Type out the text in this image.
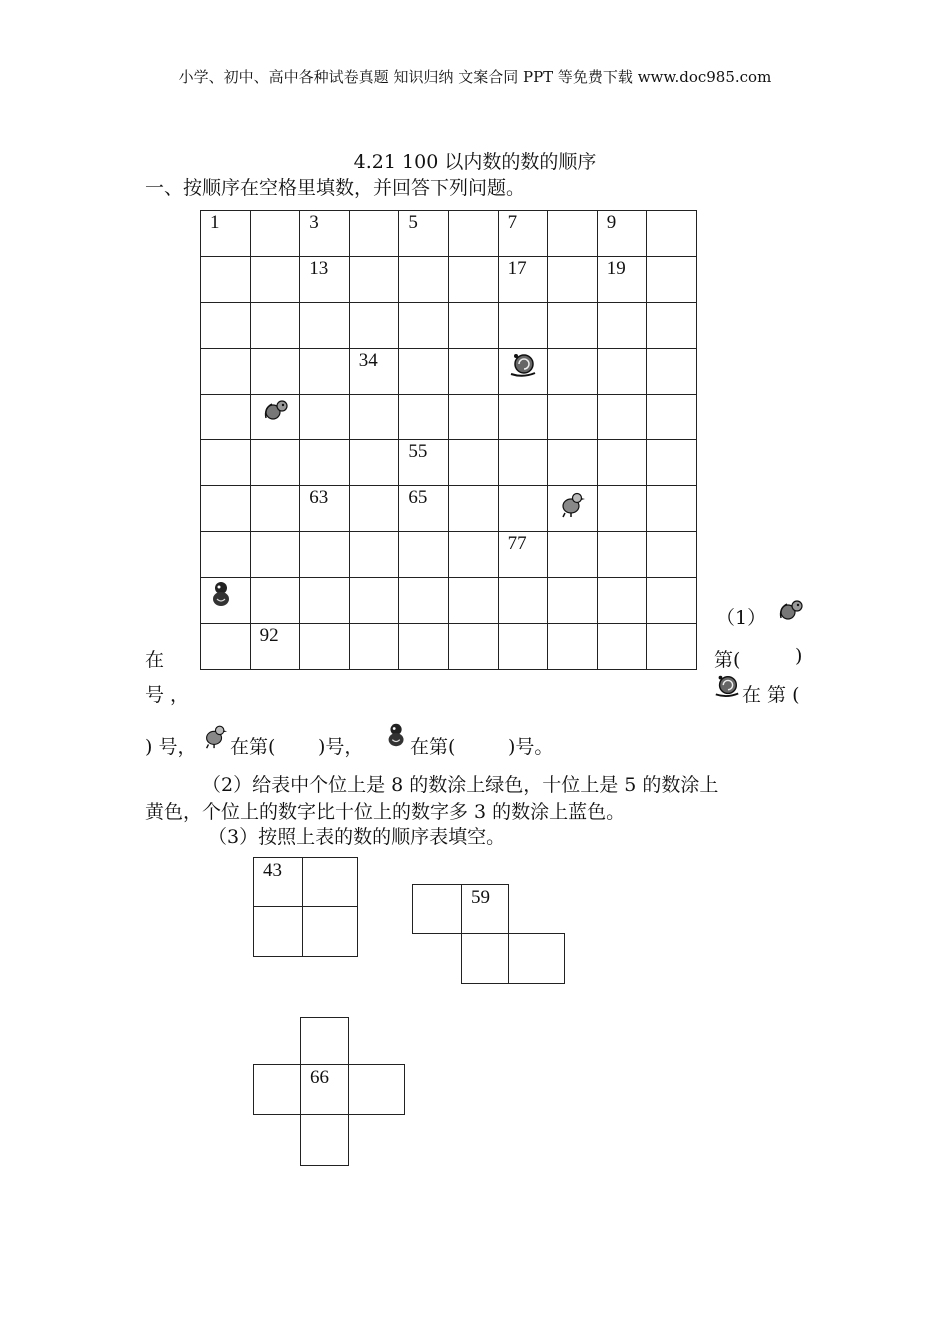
小学、初中、高中各种试卷真题 知识归纳 文案合同 PPT 等免费下载 www.doc985.com
4.21 100 以内数的数的顺序
一、按顺序在空格里填数，并回答下列问题。
1		3		5		7		9	

		13				17		19	

			34						

				55					

		63		65					

						77			

	92								

（1）
在	第(	)
号 ，	在 第 (
) 号， 在第( )号， 在第(	)号。
（2）给表中个位上是 8 的数涂上绿色，十位上是 5 的数涂上
黄色，个位上的数字比十位上的数字多 3 的数涂上蓝色。
（3）按照上表的数的顺序表填空。
43
59
66
